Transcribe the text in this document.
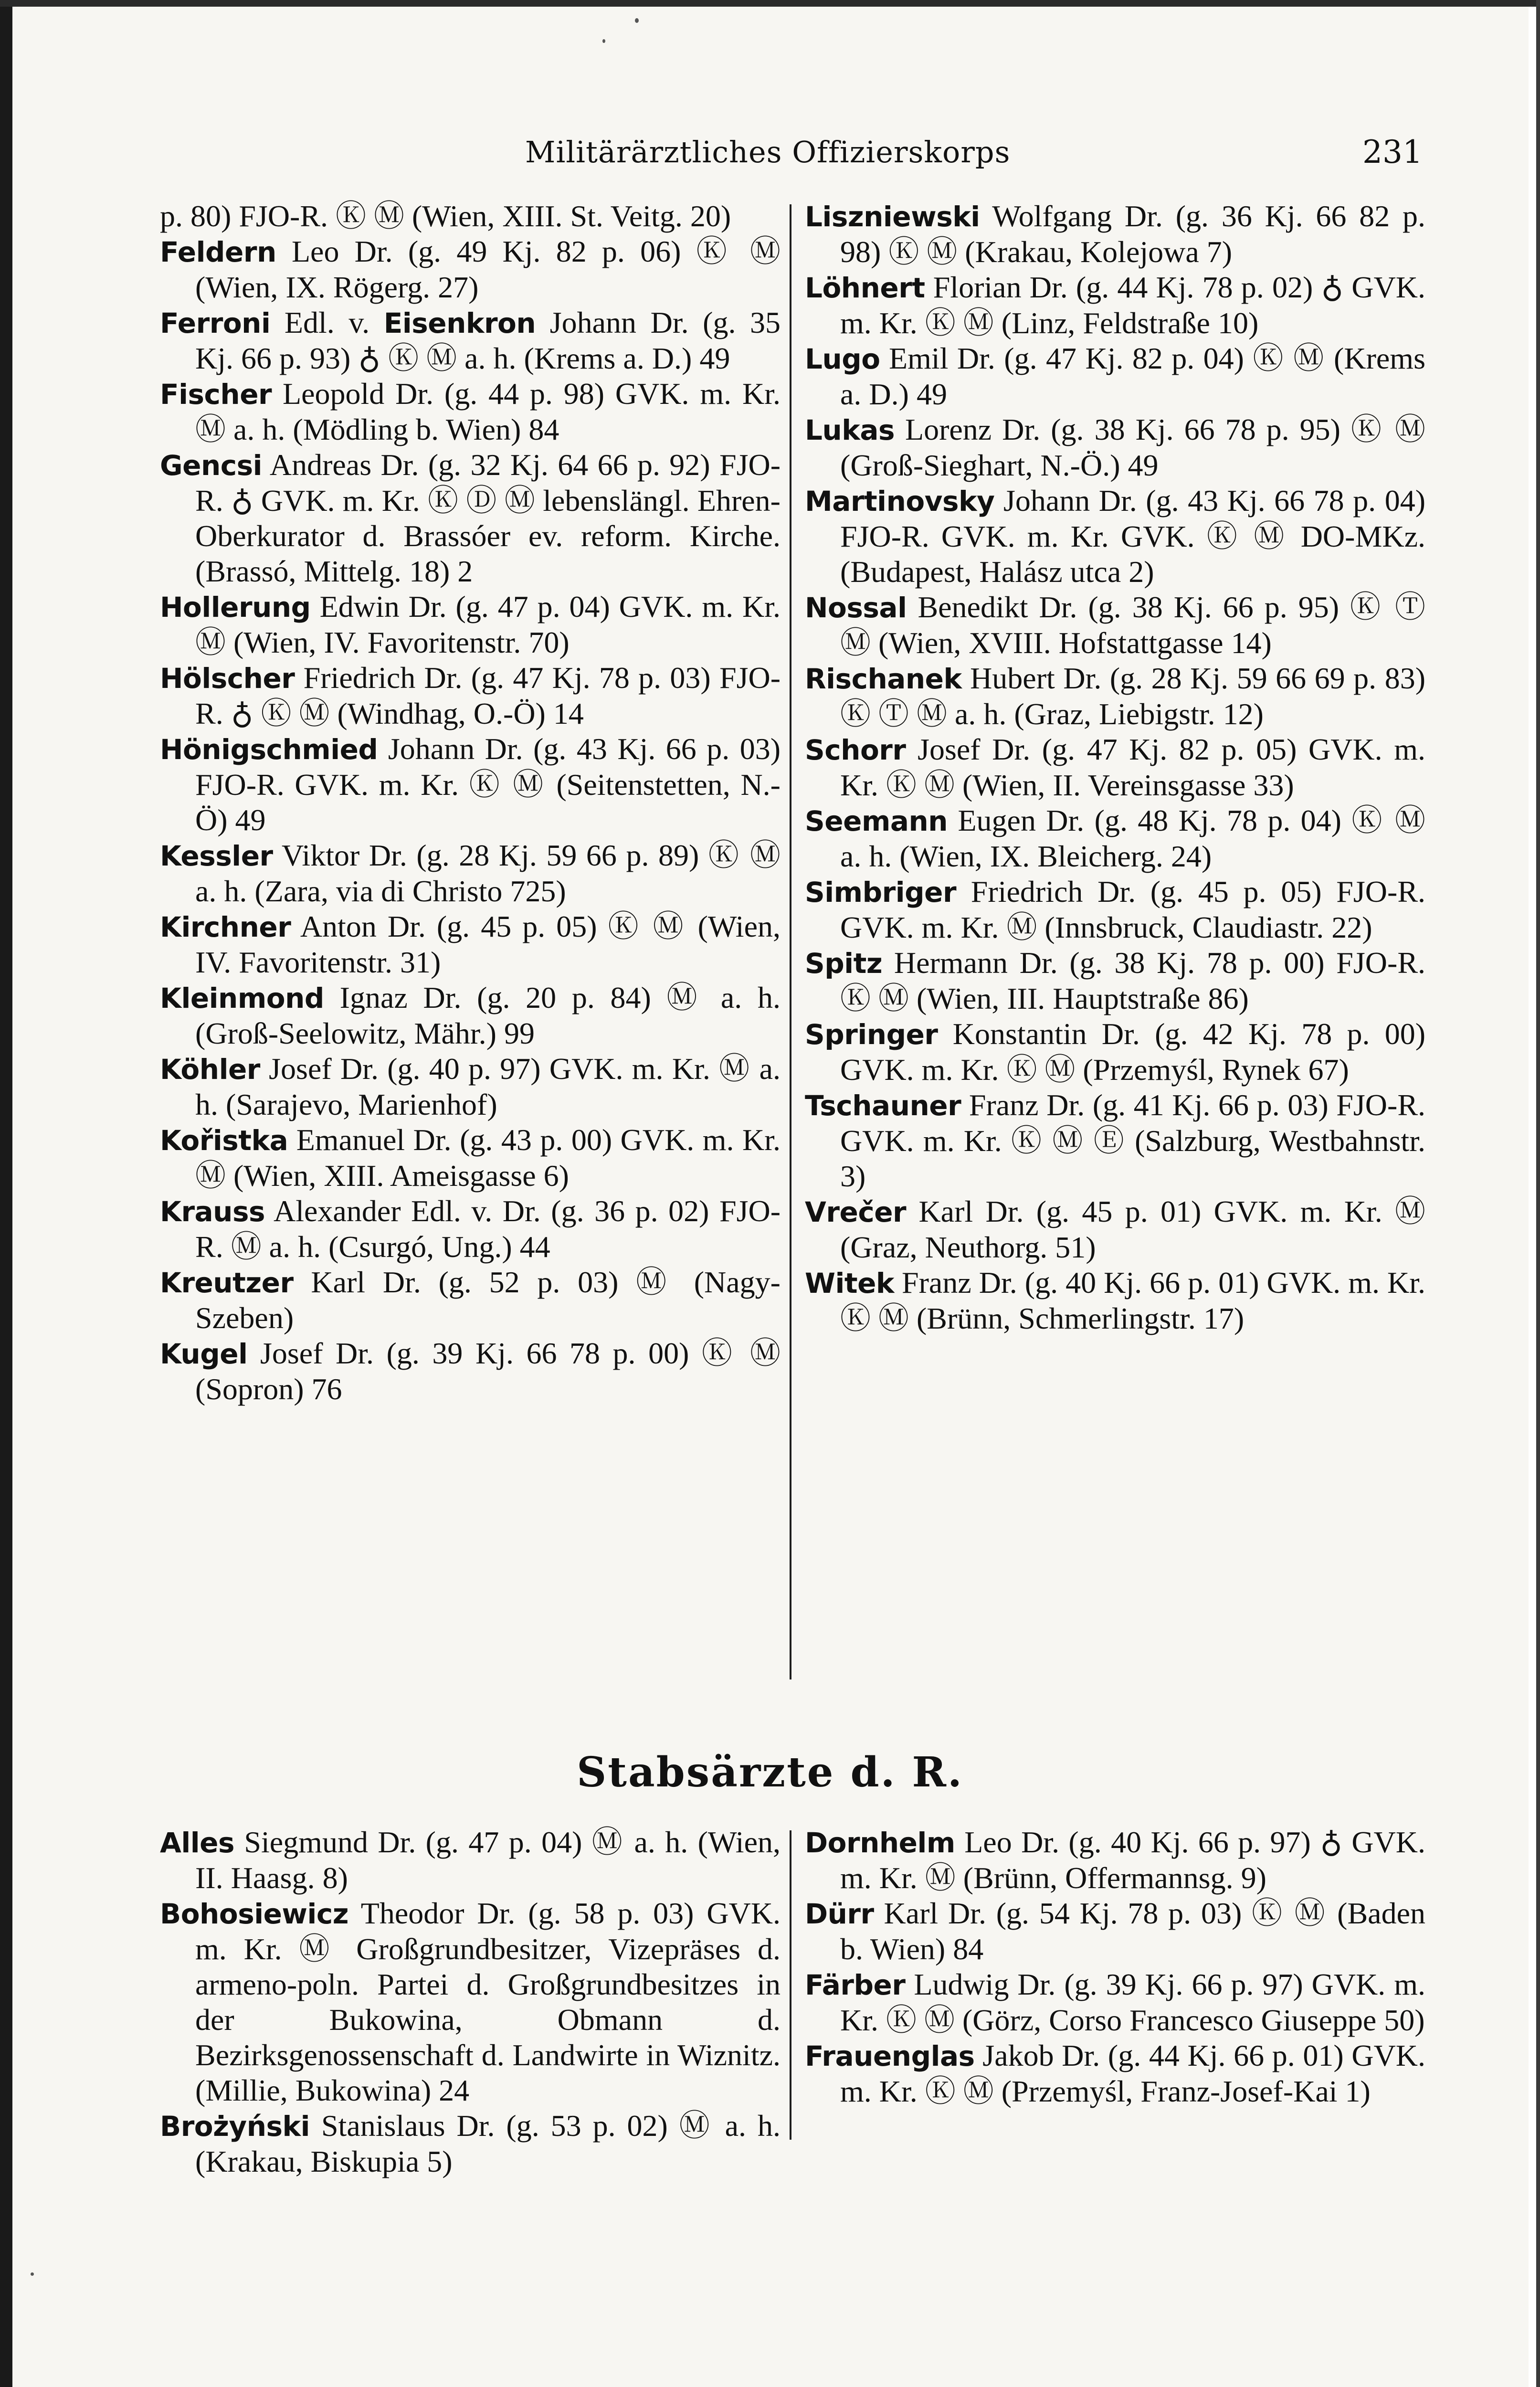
Militärärztliches Offizierskorps	231

p. 80) FJO-R. Ⓚ Ⓜ (Wien, XIII. St. Veitg. 20)

Feldern Leo Dr. (g. 49 Kj. 82 p. 06) Ⓚ Ⓜ (Wien, IX. Rögerg. 27)

Ferroni Edl. v. Eisenkron Johann Dr. (g. 35 Kj. 66 p. 93) ♁ Ⓚ Ⓜ a. h. (Krems a. D.) 49

Fischer Leopold Dr. (g. 44 p. 98) GVK. m. Kr. Ⓜ a. h. (Mödling b. Wien) 84

Gencsi Andreas Dr. (g. 32 Kj. 64 66 p. 92) FJO-R. ♁ GVK. m. Kr. Ⓚ Ⓓ Ⓜ lebenslängl. Ehren-Oberkurator d. Brassóer ev. reform. Kirche. (Brassó, Mittelg. 18) 2

Hollerung Edwin Dr. (g. 47 p. 04) GVK. m. Kr. Ⓜ (Wien, IV. Favoritenstr. 70)

Hölscher Friedrich Dr. (g. 47 Kj. 78 p. 03) FJO-R. ♁ Ⓚ Ⓜ (Windhag, O.-Ö) 14

Hönigschmied Johann Dr. (g. 43 Kj. 66 p. 03) FJO-R. GVK. m. Kr. Ⓚ Ⓜ (Seitenstetten, N.-Ö) 49

Kessler Viktor Dr. (g. 28 Kj. 59 66 p. 89) Ⓚ Ⓜ a. h. (Zara, via di Christo 725)

Kirchner Anton Dr. (g. 45 p. 05) Ⓚ Ⓜ (Wien, IV. Favoritenstr. 31)

Kleinmond Ignaz Dr. (g. 20 p. 84) Ⓜ a. h. (Groß-Seelowitz, Mähr.) 99

Köhler Josef Dr. (g. 40 p. 97) GVK. m. Kr. Ⓜ a. h. (Sarajevo, Marienhof)

Kořistka Emanuel Dr. (g. 43 p. 00) GVK. m. Kr. Ⓜ (Wien, XIII. Ameisgasse 6)

Krauss Alexander Edl. v. Dr. (g. 36 p. 02) FJO-R. Ⓜ a. h. (Csurgó, Ung.) 44

Kreutzer Karl Dr. (g. 52 p. 03) Ⓜ (Nagy-Szeben)

Kugel Josef Dr. (g. 39 Kj. 66 78 p. 00) Ⓚ Ⓜ (Sopron) 76

Liszniewski Wolfgang Dr. (g. 36 Kj. 66 82 p. 98) Ⓚ Ⓜ (Krakau, Kolejowa 7)

Löhnert Florian Dr. (g. 44 Kj. 78 p. 02) ♁ GVK. m. Kr. Ⓚ Ⓜ (Linz, Feldstraße 10)

Lugo Emil Dr. (g. 47 Kj. 82 p. 04) Ⓚ Ⓜ (Krems a. D.) 49

Lukas Lorenz Dr. (g. 38 Kj. 66 78 p. 95) Ⓚ Ⓜ (Groß-Sieghart, N.-Ö.) 49

Martinovsky Johann Dr. (g. 43 Kj. 66 78 p. 04) FJO-R. GVK. m. Kr. GVK. Ⓚ Ⓜ DO-MKz. (Budapest, Halász utca 2)

Nossal Benedikt Dr. (g. 38 Kj. 66 p. 95) Ⓚ Ⓣ Ⓜ (Wien, XVIII. Hofstattgasse 14)

Rischanek Hubert Dr. (g. 28 Kj. 59 66 69 p. 83) Ⓚ Ⓣ Ⓜ a. h. (Graz, Liebigstr. 12)

Schorr Josef Dr. (g. 47 Kj. 82 p. 05) GVK. m. Kr. Ⓚ Ⓜ (Wien, II. Vereinsgasse 33)

Seemann Eugen Dr. (g. 48 Kj. 78 p. 04) Ⓚ Ⓜ a. h. (Wien, IX. Bleicherg. 24)

Simbriger Friedrich Dr. (g. 45 p. 05) FJO-R. GVK. m. Kr. Ⓜ (Innsbruck, Claudiastr. 22)

Spitz Hermann Dr. (g. 38 Kj. 78 p. 00) FJO-R. Ⓚ Ⓜ (Wien, III. Hauptstraße 86)

Springer Konstantin Dr. (g. 42 Kj. 78 p. 00) GVK. m. Kr. Ⓚ Ⓜ (Przemyśl, Rynek 67)

Tschauner Franz Dr. (g. 41 Kj. 66 p. 03) FJO-R. GVK. m. Kr. Ⓚ Ⓜ Ⓔ (Salzburg, Westbahnstr. 3)

Vrečer Karl Dr. (g. 45 p. 01) GVK. m. Kr. Ⓜ (Graz, Neuthorg. 51)

Witek Franz Dr. (g. 40 Kj. 66 p. 01) GVK. m. Kr. Ⓚ Ⓜ (Brünn, Schmerlingstr. 17)

Stabsärzte d. R.

Alles Siegmund Dr. (g. 47 p. 04) Ⓜ a. h. (Wien, II. Haasg. 8)

Bohosiewicz Theodor Dr. (g. 58 p. 03) GVK. m. Kr. Ⓜ Großgrundbesitzer, Vizepräses d. armeno-poln. Partei d. Großgrundbesitzes in der Bukowina, Obmann d. Bezirksgenossenschaft d. Landwirte in Wiznitz. (Millie, Bukowina) 24

Brożyński Stanislaus Dr. (g. 53 p. 02) Ⓜ a. h. (Krakau, Biskupia 5)

Dornhelm Leo Dr. (g. 40 Kj. 66 p. 97) ♁ GVK. m. Kr. Ⓜ (Brünn, Offermannsg. 9)

Dürr Karl Dr. (g. 54 Kj. 78 p. 03) Ⓚ Ⓜ (Baden b. Wien) 84

Färber Ludwig Dr. (g. 39 Kj. 66 p. 97) GVK. m. Kr. Ⓚ Ⓜ (Görz, Corso Francesco Giuseppe 50)

Frauenglas Jakob Dr. (g. 44 Kj. 66 p. 01) GVK. m. Kr. Ⓚ Ⓜ (Przemyśl, Franz-Josef-Kai 1)
